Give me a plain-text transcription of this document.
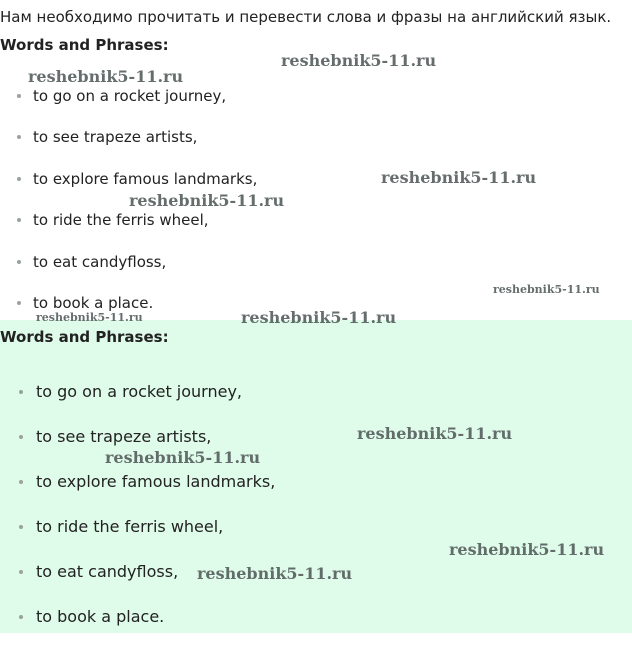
Нам необходимо прочитать и перевести слова и фразы на английский язык.
Words and Phrases:
to go on a rocket journey,
to see trapeze artists,
to explore famous landmarks,
to ride the ferris wheel,
to eat candyfloss,
to book a place.
Words and Phrases:
to go on a rocket journey,
to see trapeze artists,
to explore famous landmarks,
to ride the ferris wheel,
to eat candyfloss,
to book a place.
reshebnik5-11.ru
reshebnik5-11.ru
reshebnik5-11.ru
reshebnik5-11.ru
reshebnik5-11.ru
reshebnik5-11.ru	reshebnik5-11.ru
reshebnik5-11.ru
reshebnik5-11.ru
reshebnik5-11.ru
reshebnik5-11.ru
